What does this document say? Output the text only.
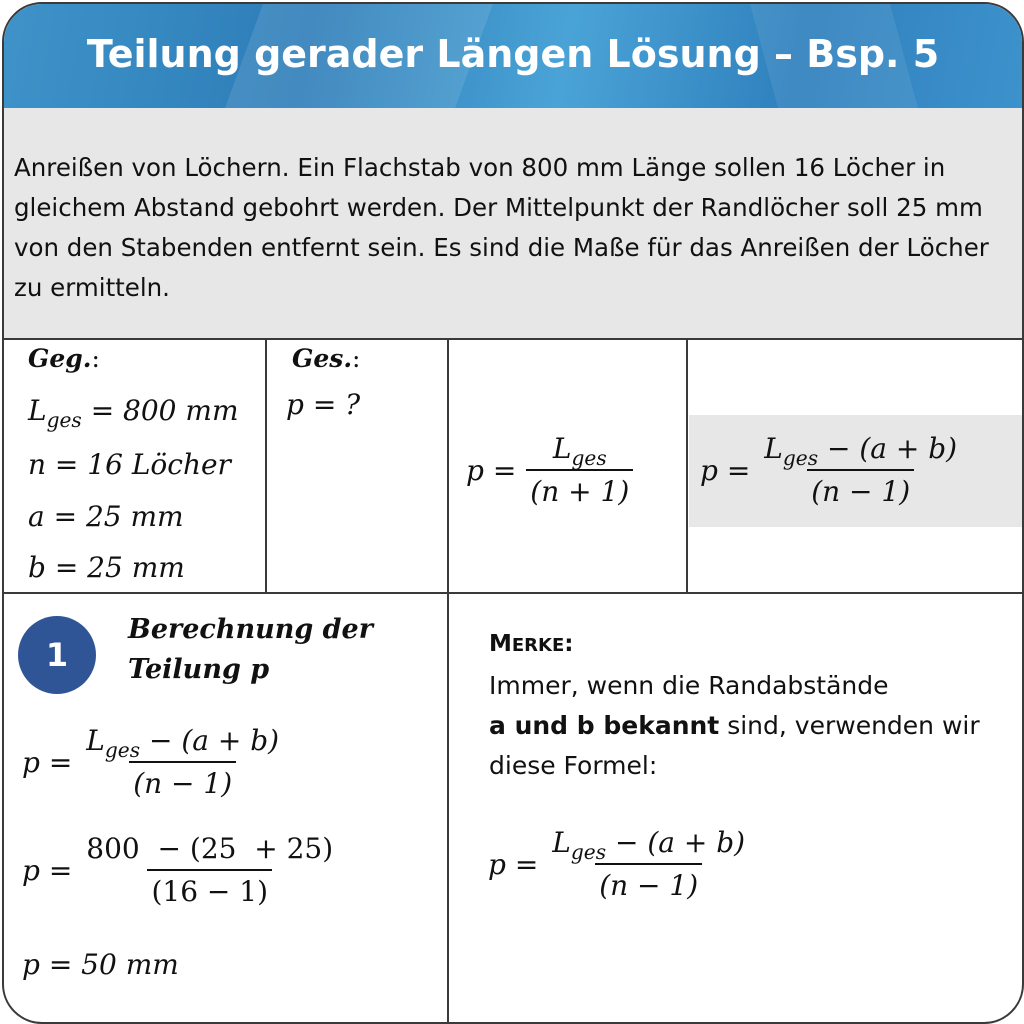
Teilung gerader Längen Lösung – Bsp. 5

Anreißen von Löchern. Ein Flachstab von 800 mm Länge sollen 16 Löcher in gleichem Abstand gebohrt werden. Der Mittelpunkt der Randlöcher soll 25 mm von den Stabenden entfernt sein. Es sind die Maße für das Anreißen der Löcher zu ermitteln.

Geg.:
$L_{ges} = 800$ mm
n = 16 Löcher
a = 25 mm
b = 25 mm
Ges.:
p = ?
$p = \frac{L_{ges}}{(n + 1)}$ $p = \frac{L_{ges} - (a + b)}{(n - 1)}$
1
Berechnung der
Teilung p
$p = \frac{L_{ges} - (a + b)}{(n - 1)}$
$p = \frac{800 - (25 + 25)}{(16 - 1)}$
p = 50 mm
MERKE:
Immer, wenn die Randabstände
a und b bekannt sind, verwenden wir
diese Formel:
$p = \frac{L_{ges} - (a + b)}{(n - 1)}$
